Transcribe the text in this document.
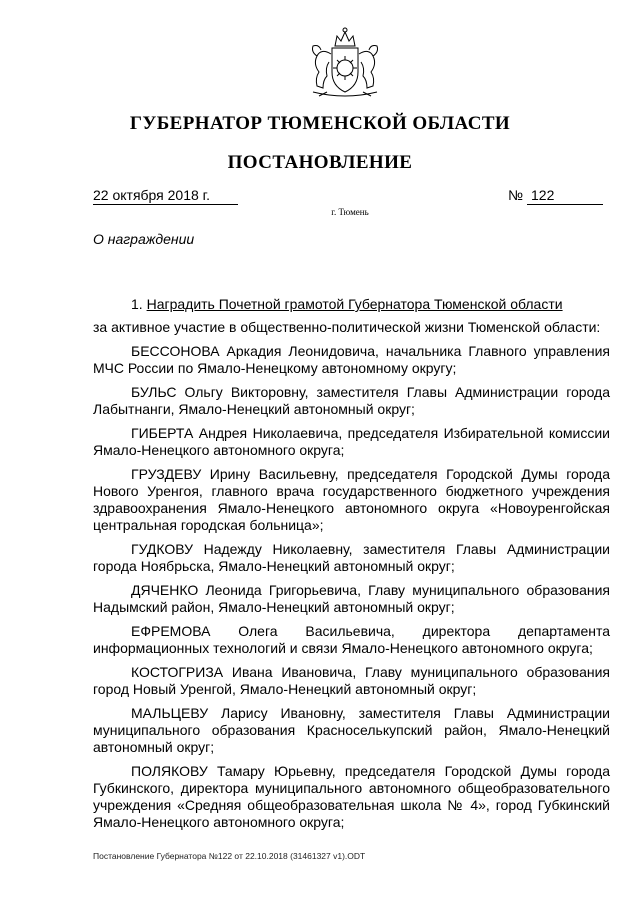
ГУБЕРНАТОР ТЮМЕНСКОЙ ОБЛАСТИ
ПОСТАНОВЛЕНИЕ
22 октября 2018 г.	№ 122
г. Тюмень
О награждении

1. Наградить Почетной грамотой Губернатора Тюменской области

за активное участие в общественно-политической жизни Тюменской области:

БЕССОНОВА Аркадия Леонидовича, начальника Главного управления МЧС России по Ямало-Ненецкому автономному округу;

БУЛЬС Ольгу Викторовну, заместителя Главы Администрации города Лабытнанги, Ямало-Ненецкий автономный округ;

ГИБЕРТА Андрея Николаевича, председателя Избирательной комиссии Ямало-Ненецкого автономного округа;

ГРУЗДЕВУ Ирину Васильевну, председателя Городской Думы города Нового Уренгоя, главного врача государственного бюджетного учреждения здравоохранения Ямало-Ненецкого автономного округа «Новоуренгойская центральная городская больница»;

ГУДКОВУ Надежду Николаевну, заместителя Главы Администрации города Ноябрьска, Ямало-Ненецкий автономный округ;

ДЯЧЕНКО Леонида Григорьевича, Главу муниципального образования Надымский район, Ямало-Ненецкий автономный округ;

ЕФРЕМОВА Олега Васильевича, директора департамента информационных технологий и связи Ямало-Ненецкого автономного округа;

КОСТОГРИЗА Ивана Ивановича, Главу муниципального образования город Новый Уренгой, Ямало-Ненецкий автономный округ;

МАЛЬЦЕВУ Ларису Ивановну, заместителя Главы Администрации муниципального образования Красноселькупский район, Ямало-Ненецкий автономный округ;

ПОЛЯКОВУ Тамару Юрьевну, председателя Городской Думы города Губкинского, директора муниципального автономного общеобразовательного учреждения «Средняя общеобразовательная школа № 4», город Губкинский Ямало-Ненецкого автономного округа;

Постановление Губернатора №122 от 22.10.2018 (31461327 v1).ODT
